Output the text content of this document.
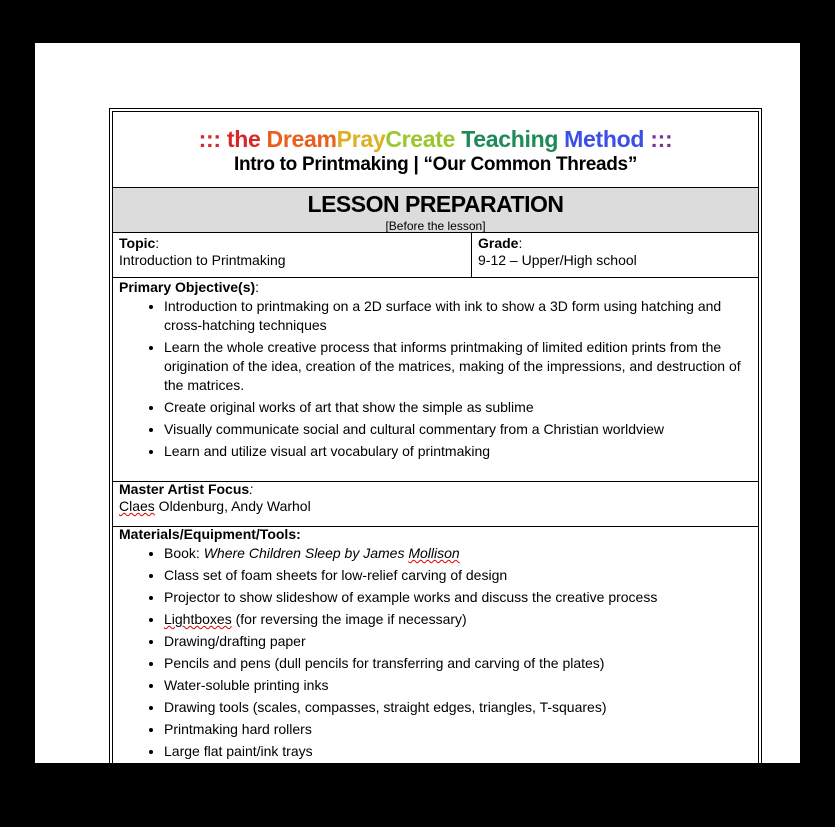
::: the DreamPrayCreate Teaching Method :::
Intro to Printmaking | “Our Common Threads”
LESSON PREPARATION
[Before the lesson]
Topic:
Introduction to Printmaking
Grade:
9-12 – Upper/High school
Primary Objective(s):
• Introduction to printmaking on a 2D surface with ink to show a 3D form using hatching and cross-hatching techniques
• Learn the whole creative process that informs printmaking of limited edition prints from the origination of the idea, creation of the matrices, making of the impressions, and destruction of the matrices.
• Create original works of art that show the simple as sublime
• Visually communicate social and cultural commentary from a Christian worldview
• Learn and utilize visual art vocabulary of printmaking
Master Artist Focus:
Claes Oldenburg, Andy Warhol
Materials/Equipment/Tools:
• Book: Where Children Sleep by James Mollison
• Class set of foam sheets for low-relief carving of design
• Projector to show slideshow of example works and discuss the creative process
• Lightboxes (for reversing the image if necessary)
• Drawing/drafting paper
• Pencils and pens (dull pencils for transferring and carving of the plates)
• Water-soluble printing inks
• Drawing tools (scales, compasses, straight edges, triangles, T-squares)
• Printmaking hard rollers
• Large flat paint/ink trays
